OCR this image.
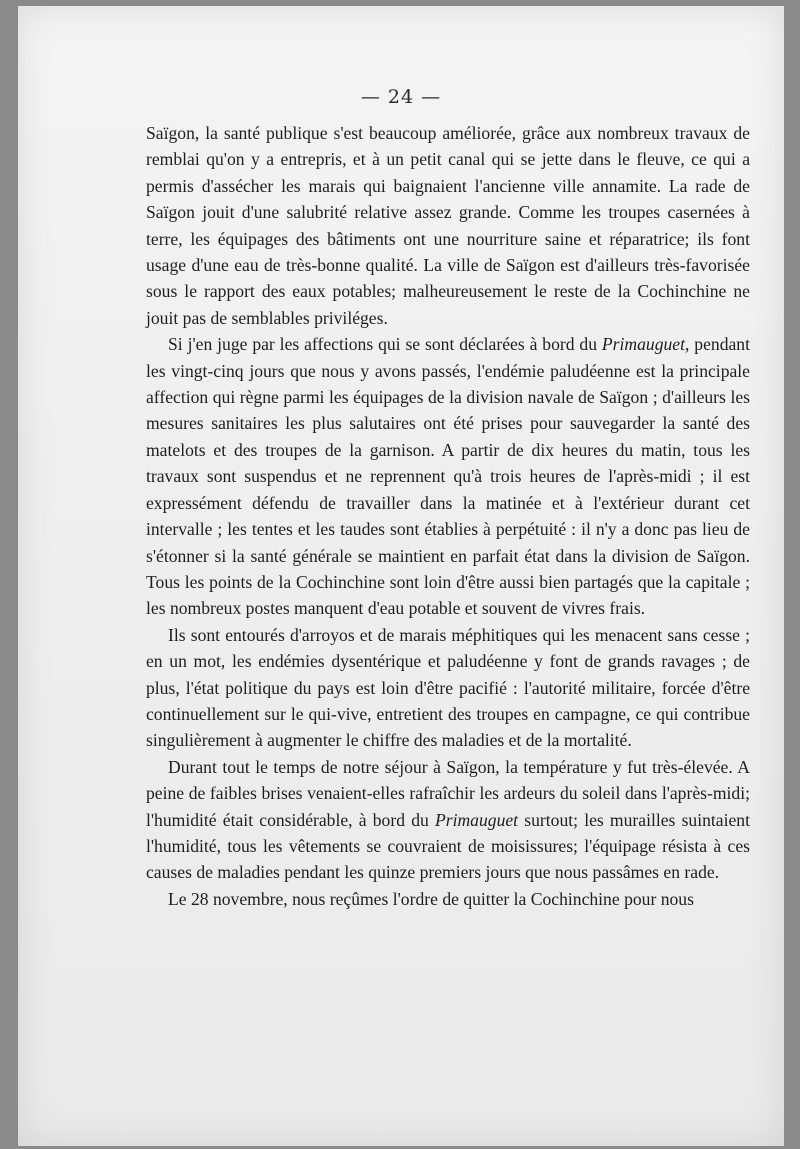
— 24 —

Saïgon, la santé publique s'est beaucoup améliorée, grâce aux nombreux travaux de remblai qu'on y a entrepris, et à un petit canal qui se jette dans le fleuve, ce qui a permis d'assécher les marais qui baignaient l'ancienne ville annamite. La rade de Saïgon jouit d'une salubrité relative assez grande. Comme les troupes casernées à terre, les équipages des bâtiments ont une nourriture saine et réparatrice; ils font usage d'une eau de très-bonne qualité. La ville de Saïgon est d'ailleurs très-favorisée sous le rapport des eaux potables; malheureusement le reste de la Cochinchine ne jouit pas de semblables priviléges.

Si j'en juge par les affections qui se sont déclarées à bord du Primauguet, pendant les vingt-cinq jours que nous y avons passés, l'endémie paludéenne est la principale affection qui règne parmi les équipages de la division navale de Saïgon ; d'ailleurs les mesures sanitaires les plus salutaires ont été prises pour sauvegarder la santé des matelots et des troupes de la garnison. A partir de dix heures du matin, tous les travaux sont suspendus et ne reprennent qu'à trois heures de l'après-midi ; il est expressément défendu de travailler dans la matinée et à l'extérieur durant cet intervalle ; les tentes et les taudes sont établies à perpétuité : il n'y a donc pas lieu de s'étonner si la santé générale se maintient en parfait état dans la division de Saïgon. Tous les points de la Cochinchine sont loin d'être aussi bien partagés que la capitale ; les nombreux postes manquent d'eau potable et souvent de vivres frais.

Ils sont entourés d'arroyos et de marais méphitiques qui les menacent sans cesse ; en un mot, les endémies dysentérique et paludéenne y font de grands ravages ; de plus, l'état politique du pays est loin d'être pacifié : l'autorité militaire, forcée d'être continuellement sur le qui-vive, entretient des troupes en campagne, ce qui contribue singulièrement à augmenter le chiffre des maladies et de la mortalité.

Durant tout le temps de notre séjour à Saïgon, la température y fut très-élevée. A peine de faibles brises venaient-elles rafraîchir les ardeurs du soleil dans l'après-midi; l'humidité était considérable, à bord du Primauguet surtout; les murailles suintaient l'humidité, tous les vêtements se couvraient de moisissures; l'équipage résista à ces causes de maladies pendant les quinze premiers jours que nous passâmes en rade.

Le 28 novembre, nous reçûmes l'ordre de quitter la Cochinchine pour nous
